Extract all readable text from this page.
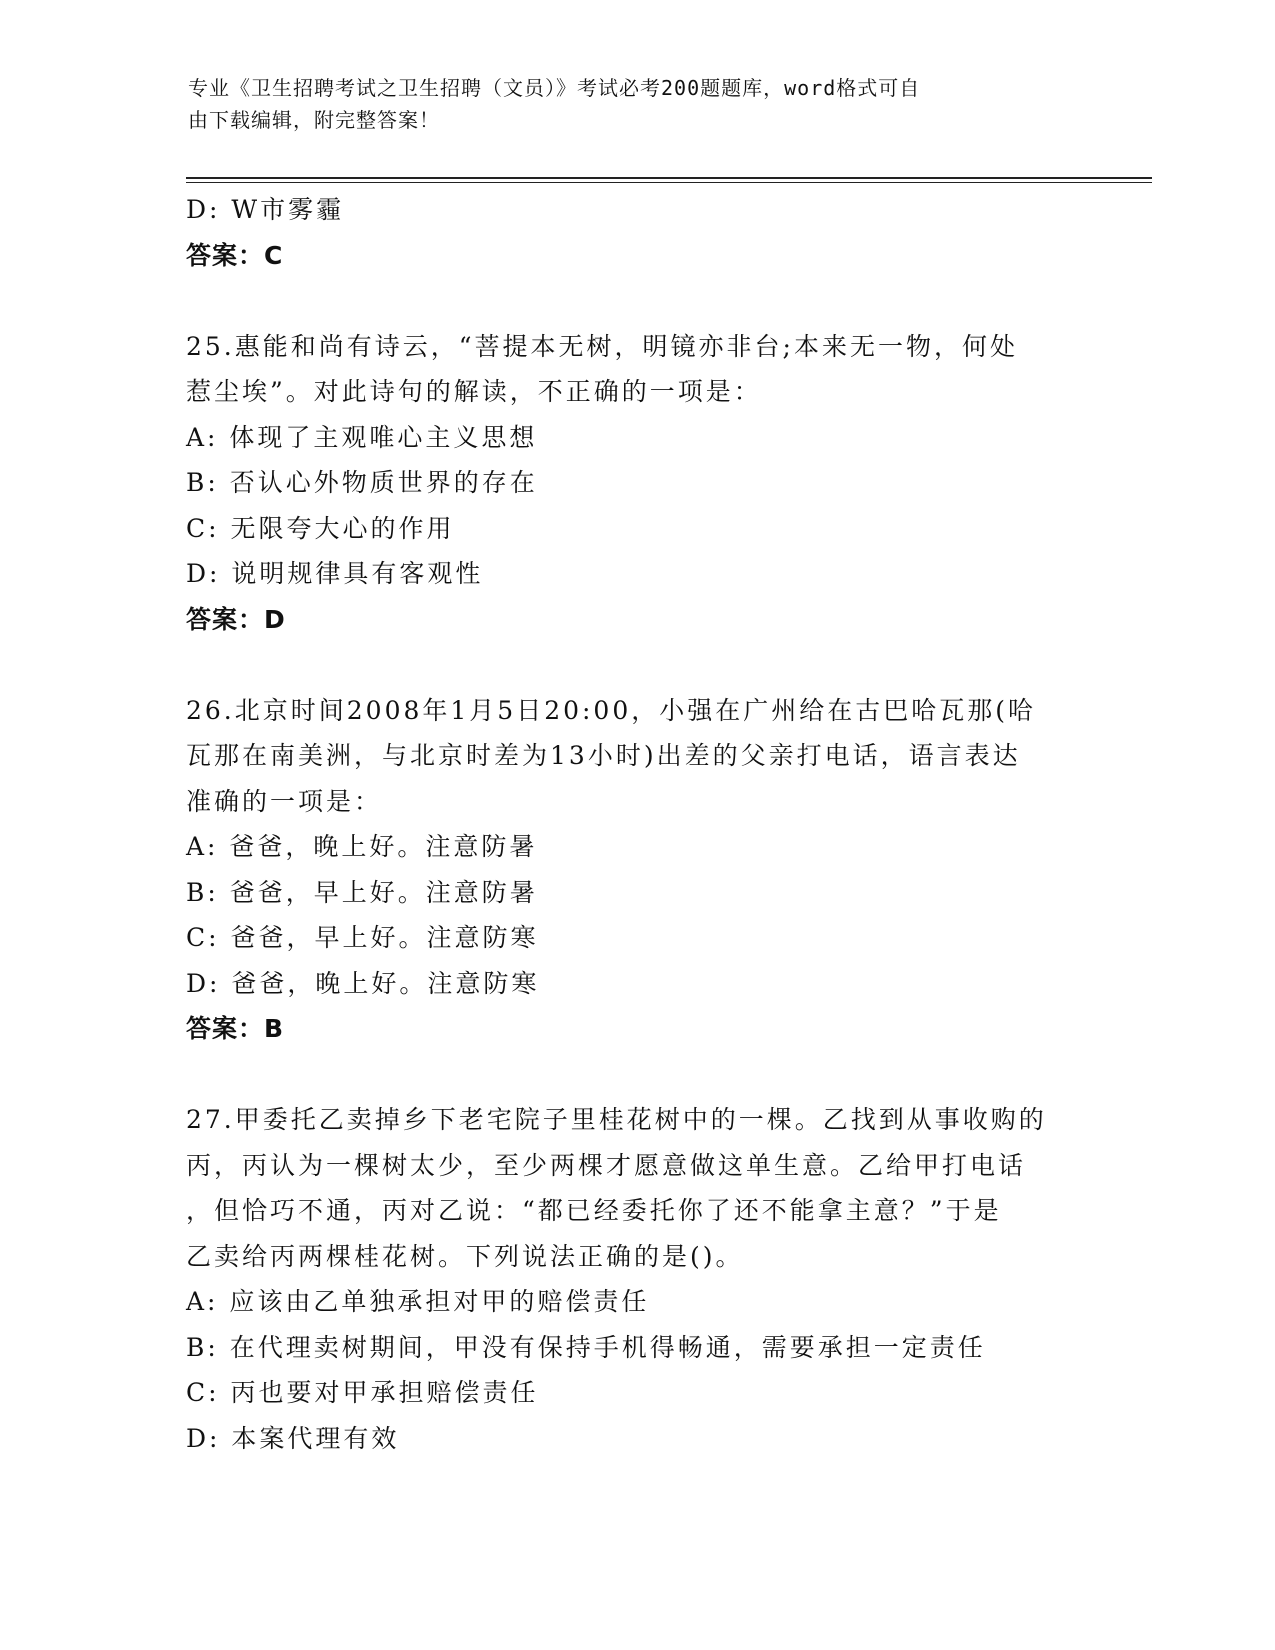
专业《卫生招聘考试之卫生招聘（文员）》考试必考200题题库，word格式可自
由下载编辑，附完整答案！

D: W市雾霾

答案：C

25.惠能和尚有诗云，“菩提本无树，明镜亦非台;本来无一物，何处

惹尘埃”。对此诗句的解读，不正确的一项是：

A: 体现了主观唯心主义思想

B: 否认心外物质世界的存在

C: 无限夸大心的作用

D: 说明规律具有客观性

答案：D

26.北京时间2008年1月5日20:00，小强在广州给在古巴哈瓦那(哈

瓦那在南美洲，与北京时差为13小时)出差的父亲打电话，语言表达

准确的一项是：

A: 爸爸，晚上好。注意防暑

B: 爸爸，早上好。注意防暑

C: 爸爸，早上好。注意防寒

D: 爸爸，晚上好。注意防寒

答案：B

27.甲委托乙卖掉乡下老宅院子里桂花树中的一棵。乙找到从事收购的

丙，丙认为一棵树太少，至少两棵才愿意做这单生意。乙给甲打电话

，但恰巧不通，丙对乙说：“都已经委托你了还不能拿主意？”于是

乙卖给丙两棵桂花树。下列说法正确的是()。

A: 应该由乙单独承担对甲的赔偿责任

B: 在代理卖树期间，甲没有保持手机得畅通，需要承担一定责任

C: 丙也要对甲承担赔偿责任

D: 本案代理有效
